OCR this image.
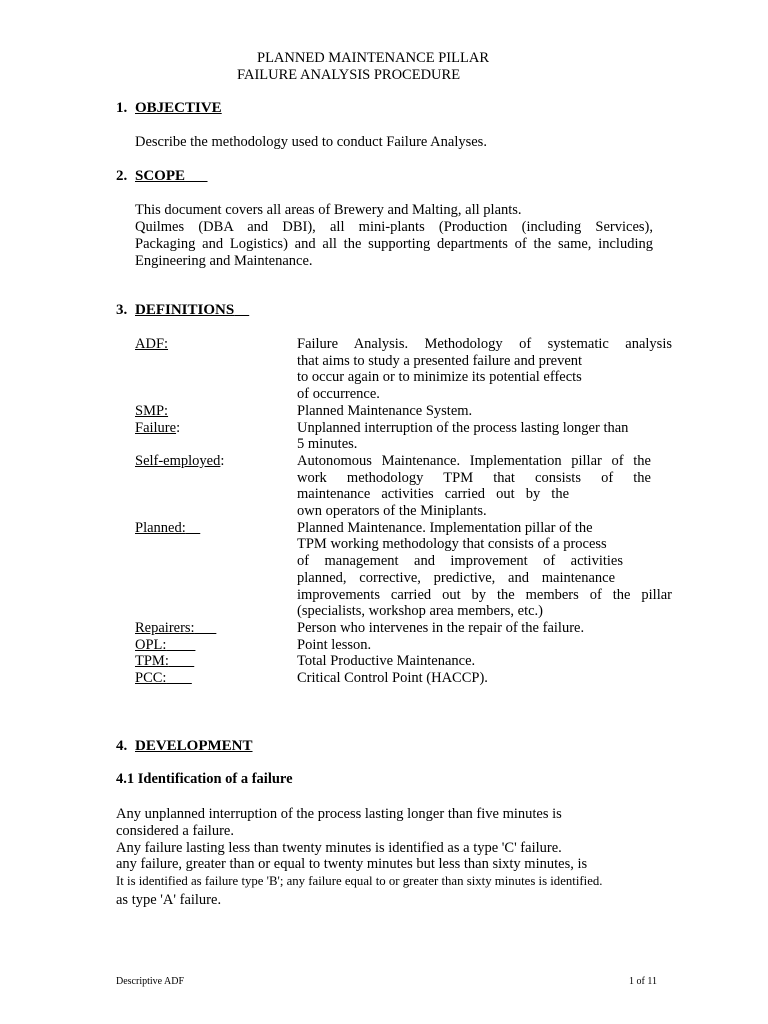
PLANNED MAINTENANCE PILLAR
FAILURE ANALYSIS PROCEDURE
1. OBJECTIVE

Describe the methodology used to conduct Failure Analyses.

2. SCOPE

This document covers all areas of Brewery and Malting, all plants.

Quilmes (DBA and DBI), all mini-plants (Production (including Services),

Packaging and Logistics) and all the supporting departments of the same, including

Engineering and Maintenance.

3. DEFINITIONS
ADF:	Failure Analysis. Methodology of systematic analysis

that aims to study a presented failure and prevent

to occur again or to minimize its potential effects

of occurrence.

SMP:	Planned Maintenance System.

Failure:	Unplanned interruption of the process lasting longer than

5 minutes.

Self-employed:	Autonomous Maintenance. Implementation pillar of the

work methodology TPM that consists of the

maintenance activities carried out by the

own operators of the Miniplants.

Planned:	Planned Maintenance. Implementation pillar of the

TPM working methodology that consists of a process

of management and improvement of activities

planned, corrective, predictive, and maintenance

improvements carried out by the members of the pillar

(specialists, workshop area members, etc.)

Repairers:	Person who intervenes in the repair of the failure.

OPL:	Point lesson.

TPM:	Total Productive Maintenance.

PCC:	Critical Control Point (HACCP).

4. DEVELOPMENT
4.1 Identification of a failure

Any unplanned interruption of the process lasting longer than five minutes is

considered a failure.

Any failure lasting less than twenty minutes is identified as a type 'C' failure.

any failure, greater than or equal to twenty minutes but less than sixty minutes, is

It is identified as failure type 'B'; any failure equal to or greater than sixty minutes is identified.

as type 'A' failure.

Descriptive ADF	1 of 11
